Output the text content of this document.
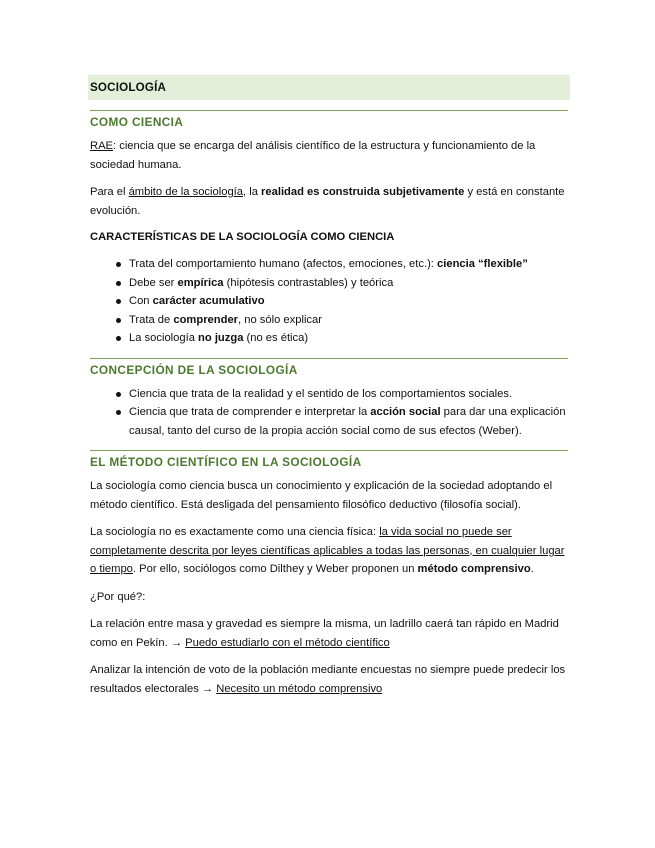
SOCIOLOGÍA
COMO CIENCIA

RAE: ciencia que se encarga del análisis científico de la estructura y funcionamiento de la sociedad humana.

Para el ámbito de la sociología, la realidad es construida subjetivamente y está en constante evolución.

CARACTERÍSTICAS DE LA SOCIOLOGÍA COMO CIENCIA
Trata del comportamiento humano (afectos, emociones, etc.): ciencia “flexible”
Debe ser empírica (hipótesis contrastables) y teórica
Con carácter acumulativo
Trata de comprender, no sólo explicar
La sociología no juzga (no es ética)
CONCEPCIÓN DE LA SOCIOLOGÍA
Ciencia que trata de la realidad y el sentido de los comportamientos sociales.
Ciencia que trata de comprender e interpretar la acción social para dar una explicación causal, tanto del curso de la propia acción social como de sus efectos (Weber).
EL MÉTODO CIENTÍFICO EN LA SOCIOLOGÍA

La sociología como ciencia busca un conocimiento y explicación de la sociedad adoptando el método científico. Está desligada del pensamiento filosófico deductivo (filosofía social).

La sociología no es exactamente como una ciencia física: la vida social no puede ser completamente descrita por leyes científicas aplicables a todas las personas, en cualquier lugar o tiempo. Por ello, sociólogos como Dilthey y Weber proponen un método comprensivo.

¿Por qué?:

La relación entre masa y gravedad es siempre la misma, un ladrillo caerá tan rápido en Madrid como en Pekín. → Puedo estudiarlo con el método científico

Analizar la intención de voto de la población mediante encuestas no siempre puede predecir los resultados electorales → Necesito un método comprensivo
